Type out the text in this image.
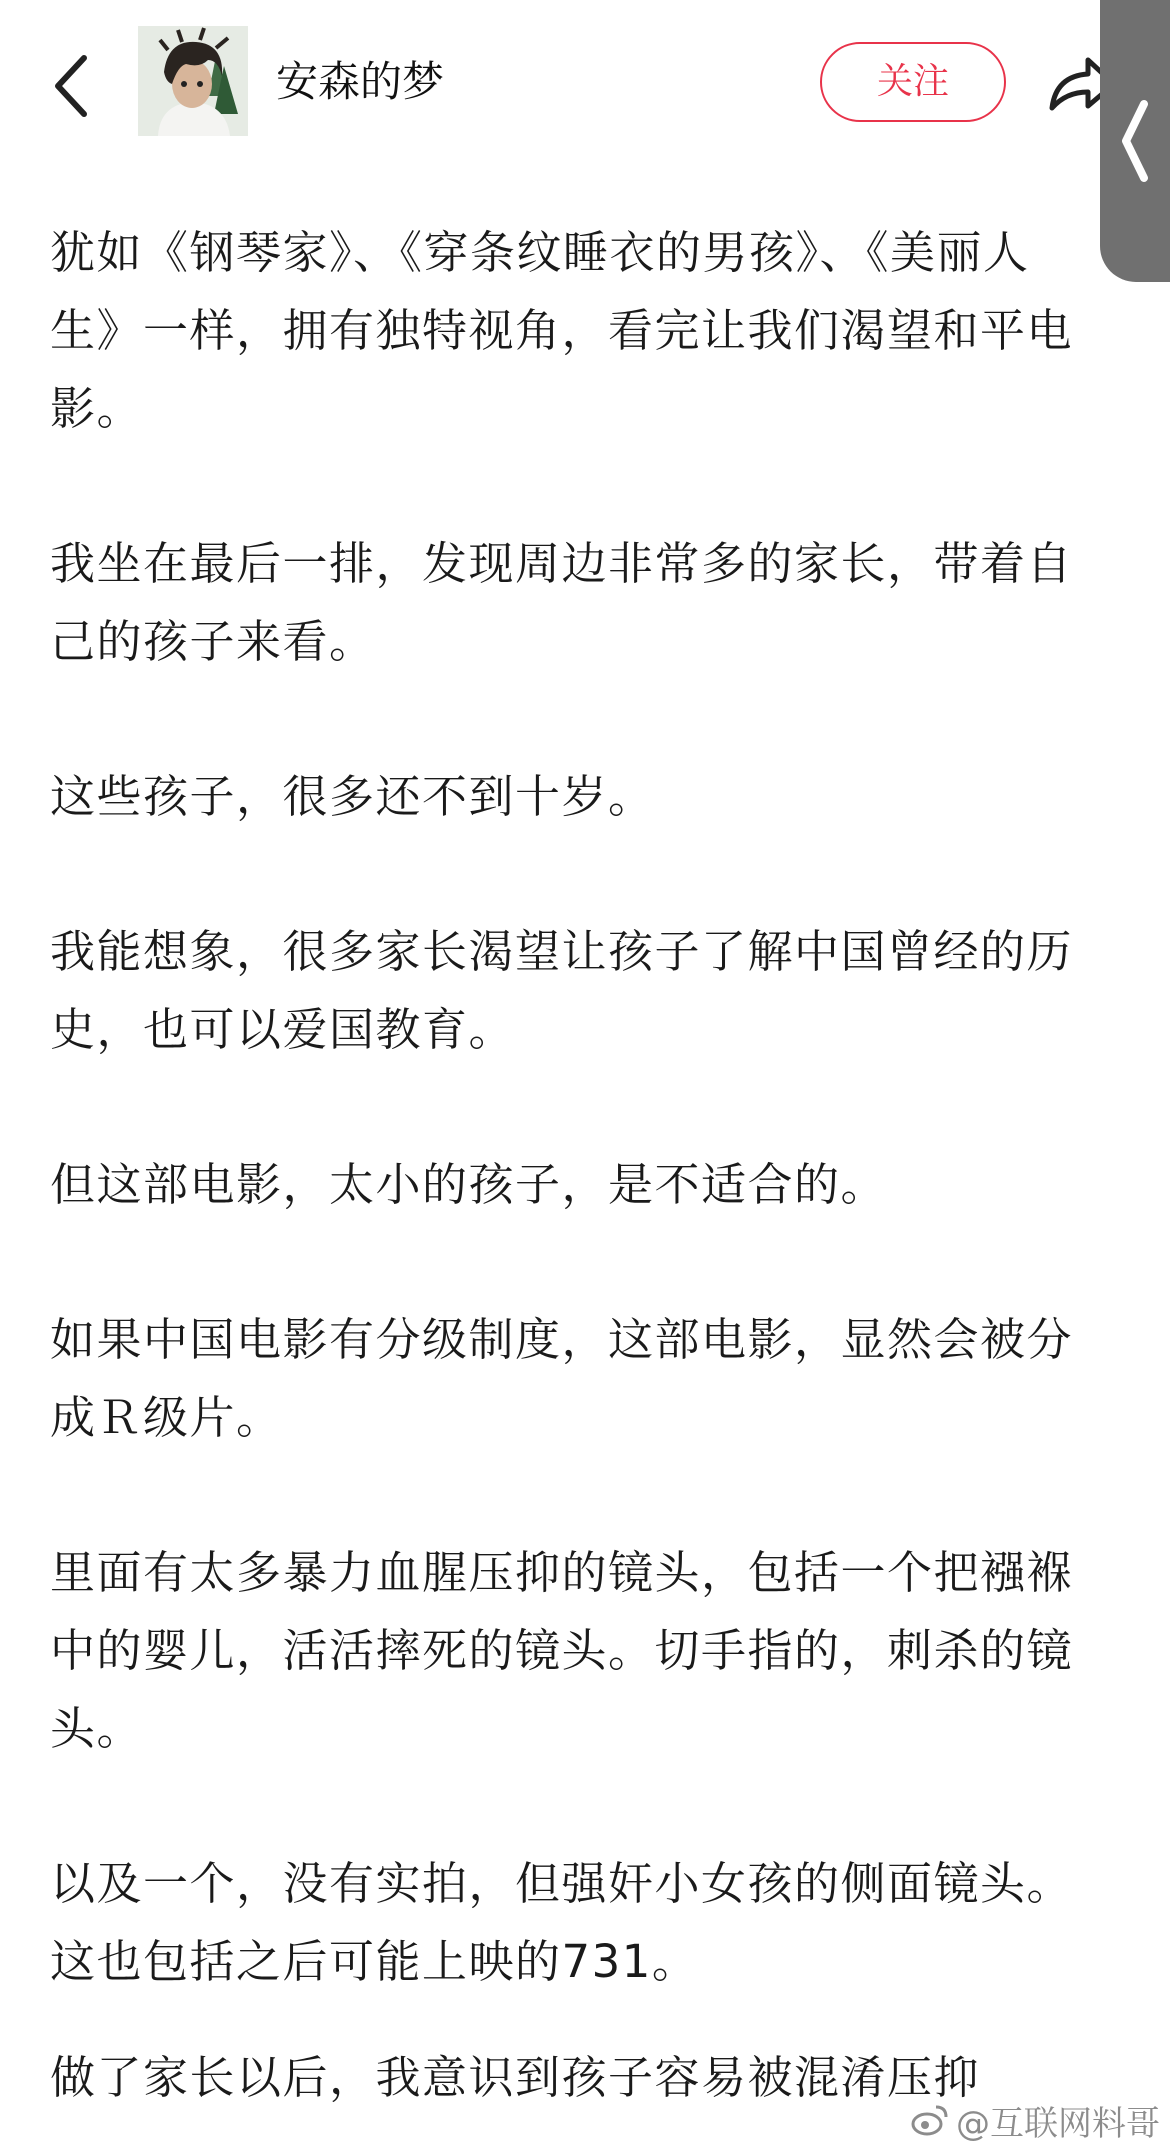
安森的梦	关注

犹如《钢琴家》、《穿条纹睡衣的男孩》、《美丽人生》一样，拥有独特视角，看完让我们渴望和平电影。

我坐在最后一排，发现周边非常多的家长，带着自己的孩子来看。

这些孩子，很多还不到十岁。

我能想象，很多家长渴望让孩子了解中国曾经的历史，也可以爱国教育。

但这部电影，太小的孩子，是不适合的。

如果中国电影有分级制度，这部电影，显然会被分成Ｒ级片。

里面有太多暴力血腥压抑的镜头，包括一个把襁褓中的婴儿，活活摔死的镜头。切手指的，刺杀的镜头。

以及一个，没有实拍，但强奸小女孩的侧面镜头。这也包括之后可能上映的731。

做了家长以后，我意识到孩子容易被混淆压抑

@互联网料哥
